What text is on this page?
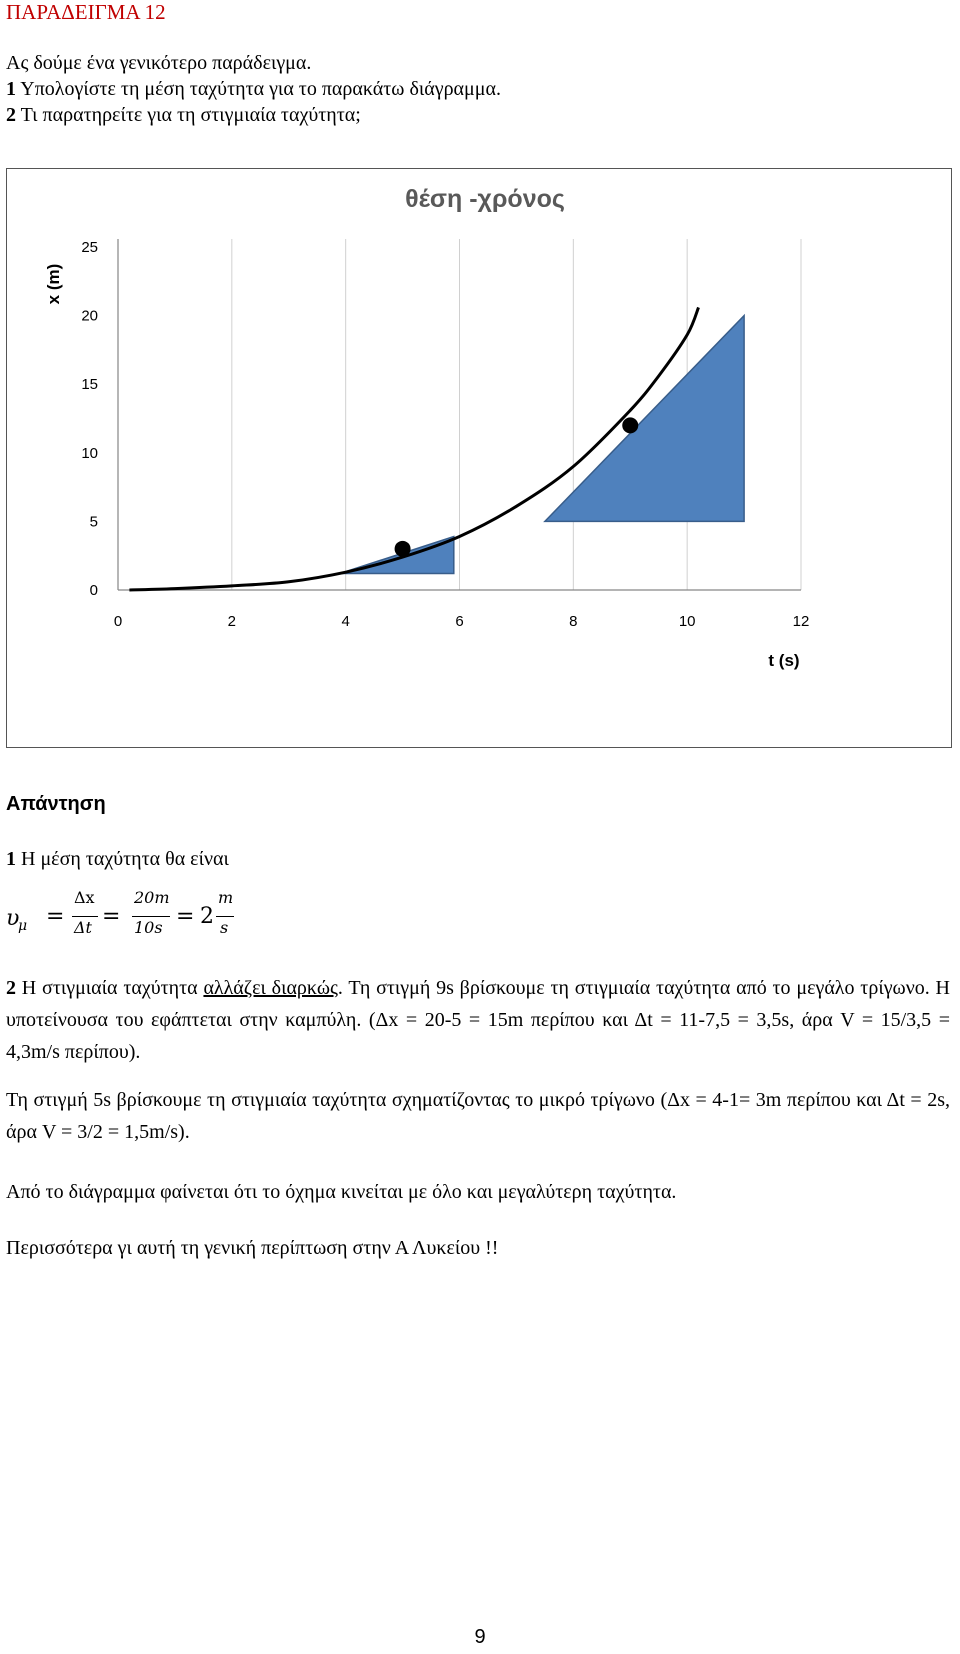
ΠΑΡΑΔΕΙΓΜΑ 12
Ας δούμε ένα γενικότερο παράδειγμα.
1 Υπολογίστε τη μέση ταχύτητα για το παρακάτω διάγραμμα.
2 Τι παρατηρείτε για τη στιγμιαία ταχύτητα;
0
5
10
15
20
25
0	2	4	6	8	10	12
θέση -χρόνος
x (m)
t (s)
Απάντηση
1 Η μέση ταχύτητα θα είναι
υ
μ =
Δx
Δt =
20m
10s = 2
m
s
2 Η στιγμιαία ταχύτητα αλλάζει διαρκώς. Τη στιγμή 9s βρίσκουμε τη στιγμιαία ταχύτητα από το μεγάλο τρίγωνο. Η υποτείνουσα του εφάπτεται στην καμπύλη. (Δx = 20-5 = 15m περίπου και Δt = 11-7,5 = 3,5s, άρα V = 15/3,5 = 4,3m/s περίπου).
Τη στιγμή 5s βρίσκουμε τη στιγμιαία ταχύτητα σχηματίζοντας το μικρό τρίγωνο (Δx = 4-1= 3m περίπου και Δt = 2s, άρα V = 3/2 = 1,5m/s).
Από το διάγραμμα φαίνεται ότι το όχημα κινείται με όλο και μεγαλύτερη ταχύτητα.
Περισσότερα γι αυτή τη γενική περίπτωση στην Α Λυκείου !!
9
